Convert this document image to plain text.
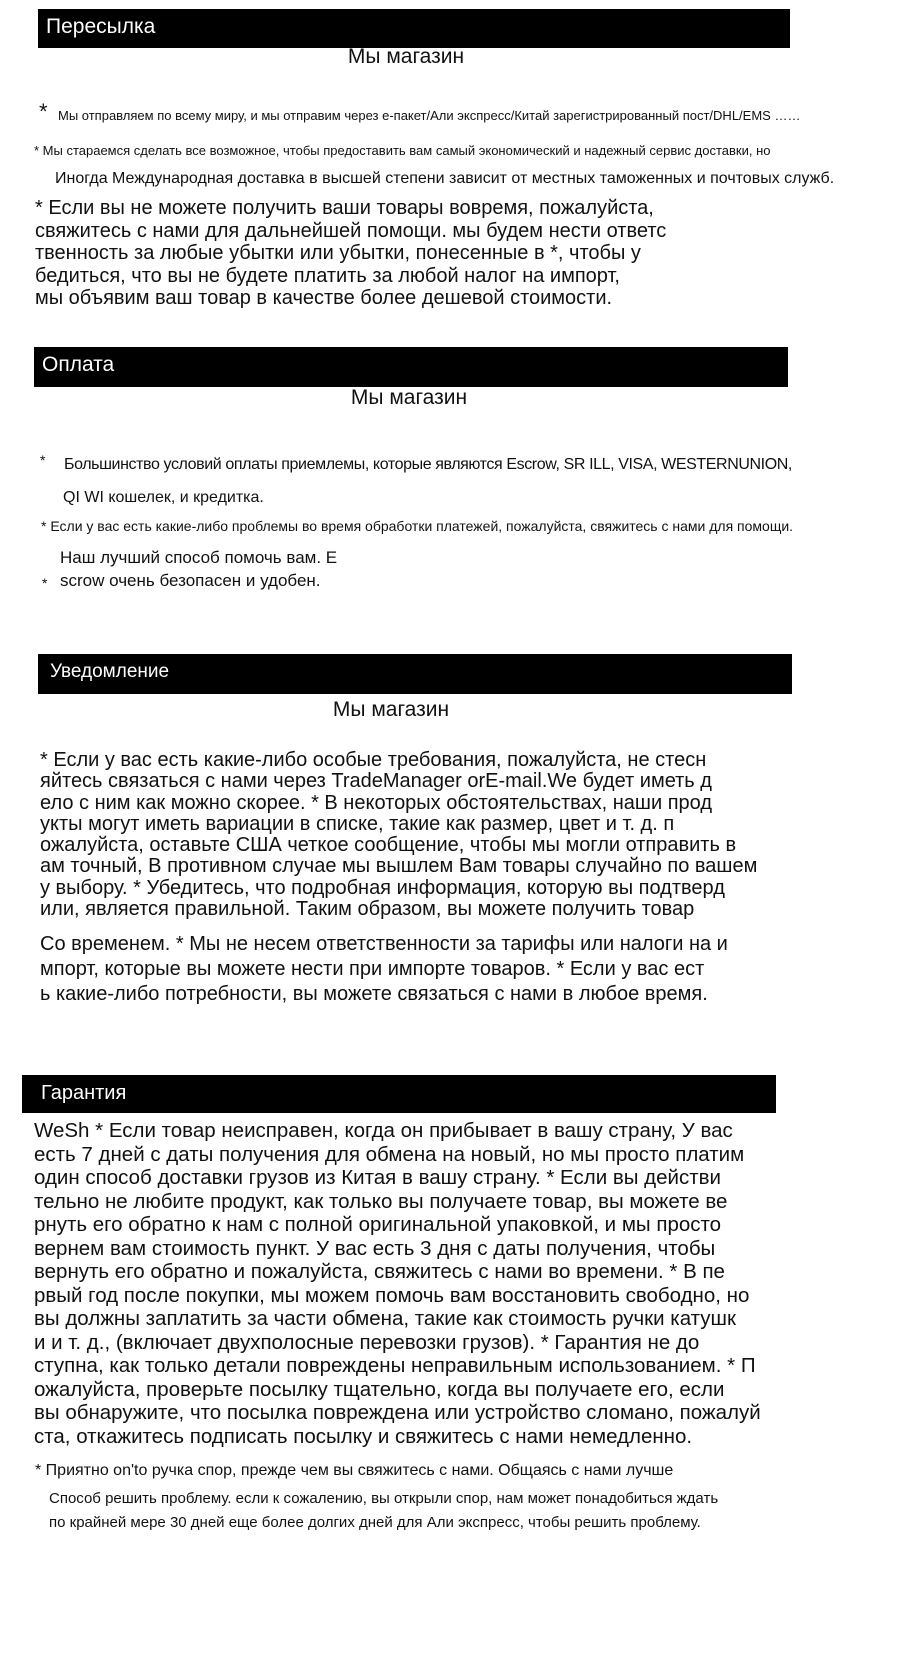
Пересылка
Мы магазин
* Мы отправляем по всему миру, и мы отправим через е-пакет/Али экспресс/Китай зарегистрированный пост/DHL/EMS ……
* Мы стараемся сделать все возможное, чтобы предоставить вам самый экономический и надежный сервис доставки, но
Иногда Международная доставка в высшей степени зависит от местных таможенных и почтовых служб.
* Если вы не можете получить ваши товары вовремя, пожалуйста,
свяжитесь с нами для дальнейшей помощи. мы будем нести ответс
твенность за любые убытки или убытки, понесенные в *, чтобы у
бедиться, что вы не будете платить за любой налог на импорт,
мы объявим ваш товар в качестве более дешевой стоимости.
Оплата
Мы магазин
* Большинство условий оплаты приемлемы, которые являются Escrow, SR ILL, VISA, WESTERNUNION,
QI WI кошелек, и кредитка.
* Если у вас есть какие-либо проблемы во время обработки платежей, пожалуйста, свяжитесь с нами для помощи.
Наш лучший способ помочь вам. E
* scrow очень безопасен и удобен.
Уведомление
Мы магазин
* Если у вас есть какие-либо особые требования, пожалуйста, не стесн
яйтесь связаться с нами через TradeManager orE-mail.We будет иметь д
ело с ним как можно скорее. * В некоторых обстоятельствах, наши прод
укты могут иметь вариации в списке, такие как размер, цвет и т. д. п
ожалуйста, оставьте США четкое сообщение, чтобы мы могли отправить в
ам точный, В противном случае мы вышлем Вам товары случайно по вашем
у выбору. * Убедитесь, что подробная информация, которую вы подтверд
или, является правильной. Таким образом, вы можете получить товар
Со временем. * Мы не несем ответственности за тарифы или налоги на и
мпорт, которые вы можете нести при импорте товаров. * Если у вас ест
ь какие-либо потребности, вы можете связаться с нами в любое время.
Гарантия
WeSh * Если товар неисправен, когда он прибывает в вашу страну, У вас
есть 7 дней с даты получения для обмена на новый, но мы просто платим
один способ доставки грузов из Китая в вашу страну. * Если вы действи
тельно не любите продукт, как только вы получаете товар, вы можете ве
рнуть его обратно к нам с полной оригинальной упаковкой, и мы просто
вернем вам стоимость пункт. У вас есть 3 дня с даты получения, чтобы
вернуть его обратно и пожалуйста, свяжитесь с нами во времени. * В пе
рвый год после покупки, мы можем помочь вам восстановить свободно, но
вы должны заплатить за части обмена, такие как стоимость ручки катушк
и и т. д., (включает двухполосные перевозки грузов). * Гарантия не до
ступна, как только детали повреждены неправильным использованием. * П
ожалуйста, проверьте посылку тщательно, когда вы получаете его, если
вы обнаружите, что посылка повреждена или устройство сломано, пожалуй
ста, откажитесь подписать посылку и свяжитесь с нами немедленно.
* Приятно on'to ручка спор, прежде чем вы свяжитесь с нами. Общаясь с нами лучше
Способ решить проблему. если к сожалению, вы открыли спор, нам может понадобиться ждать
по крайней мере 30 дней еще более долгих дней для Али экспресс, чтобы решить проблему.
